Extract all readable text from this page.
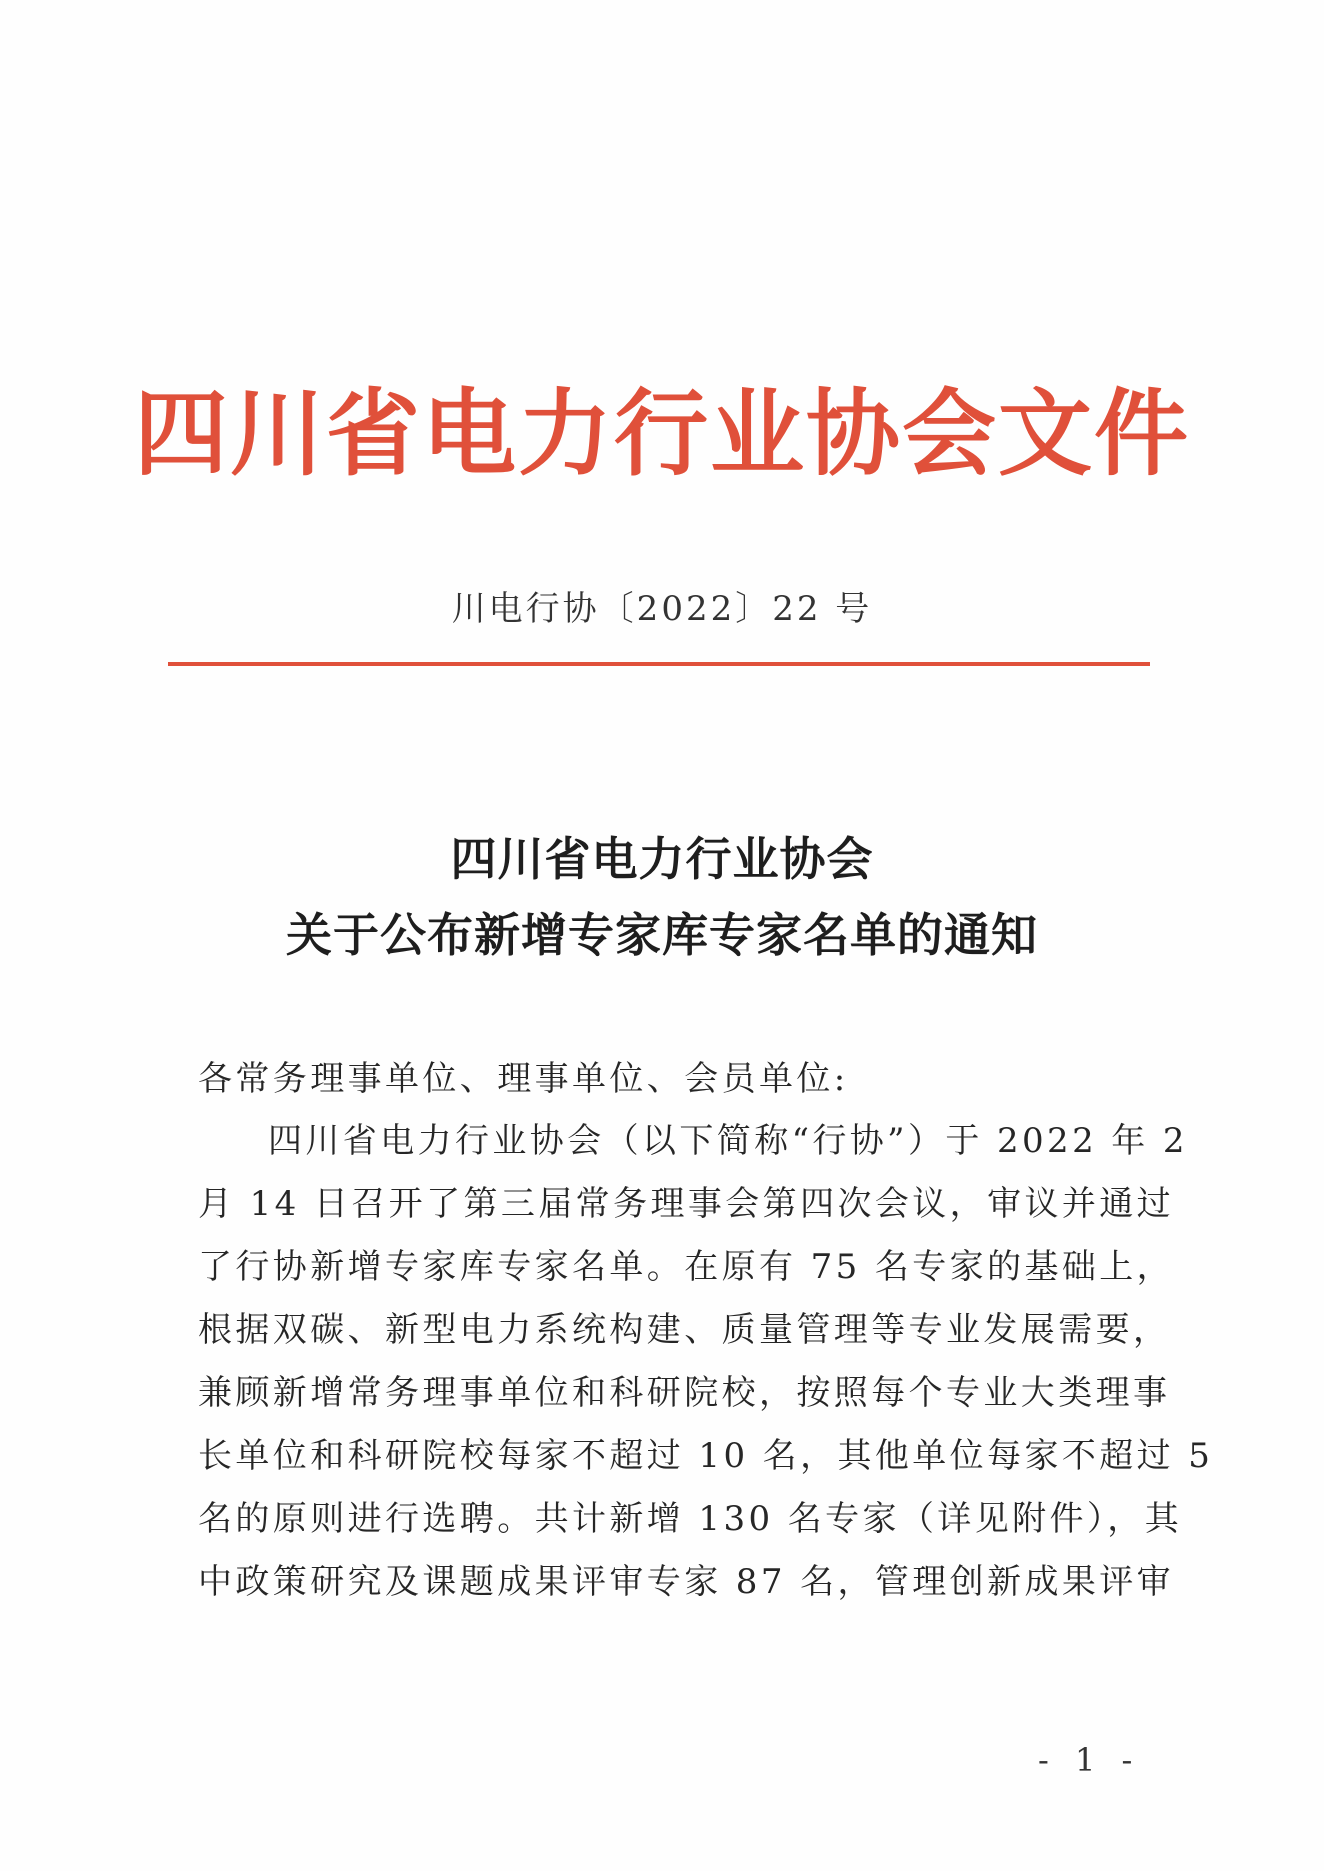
四川省电力行业协会文件
川电行协〔2022〕22 号
四川省电力行业协会
关于公布新增专家库专家名单的通知
各常务理事单位、理事单位、会员单位:
四川省电力行业协会（以下简称“行协”）于 2022 年 2
月 14 日召开了第三届常务理事会第四次会议，审议并通过
了行协新增专家库专家名单。在原有 75 名专家的基础上，
根据双碳、新型电力系统构建、质量管理等专业发展需要，
兼顾新增常务理事单位和科研院校，按照每个专业大类理事
长单位和科研院校每家不超过 10 名，其他单位每家不超过 5
名的原则进行选聘。共计新增 130 名专家（详见附件），其
中政策研究及课题成果评审专家 87 名，管理创新成果评审
- 1 -
